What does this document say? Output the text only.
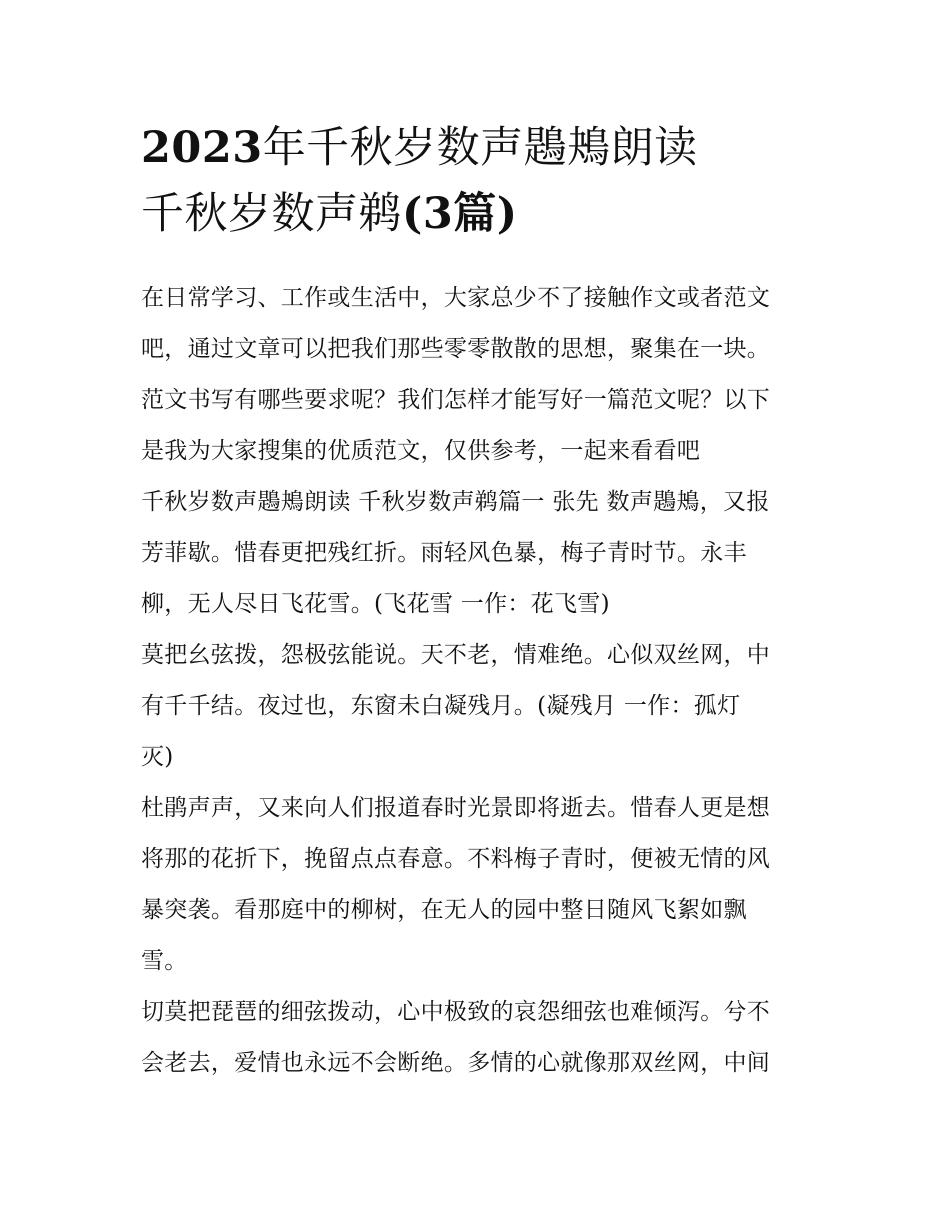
2023年千秋岁数声鶗鴂朗读

千秋岁数声鹈(3篇)

在日常学习、工作或生活中，大家总少不了接触作文或者范文

吧，通过文章可以把我们那些零零散散的思想，聚集在一块。

范文书写有哪些要求呢？我们怎样才能写好一篇范文呢？以下

是我为大家搜集的优质范文，仅供参考，一起来看看吧

千秋岁数声鶗鴂朗读 千秋岁数声鹈篇一 张先 数声鶗鴂，又报

芳菲歇。惜春更把残红折。雨轻风色暴，梅子青时节。永丰

柳，无人尽日飞花雪。(飞花雪 一作：花飞雪)

莫把幺弦拨，怨极弦能说。天不老，情难绝。心似双丝网，中

有千千结。夜过也，东窗未白凝残月。(凝残月 一作：孤灯

灭)

杜鹃声声，又来向人们报道春时光景即将逝去。惜春人更是想

将那的花折下，挽留点点春意。不料梅子青时，便被无情的风

暴突袭。看那庭中的柳树，在无人的园中整日随风飞絮如飘

雪。

切莫把琵琶的细弦拨动，心中极致的哀怨细弦也难倾泻。兮不

会老去，爱情也永远不会断绝。多情的心就像那双丝网，中间
